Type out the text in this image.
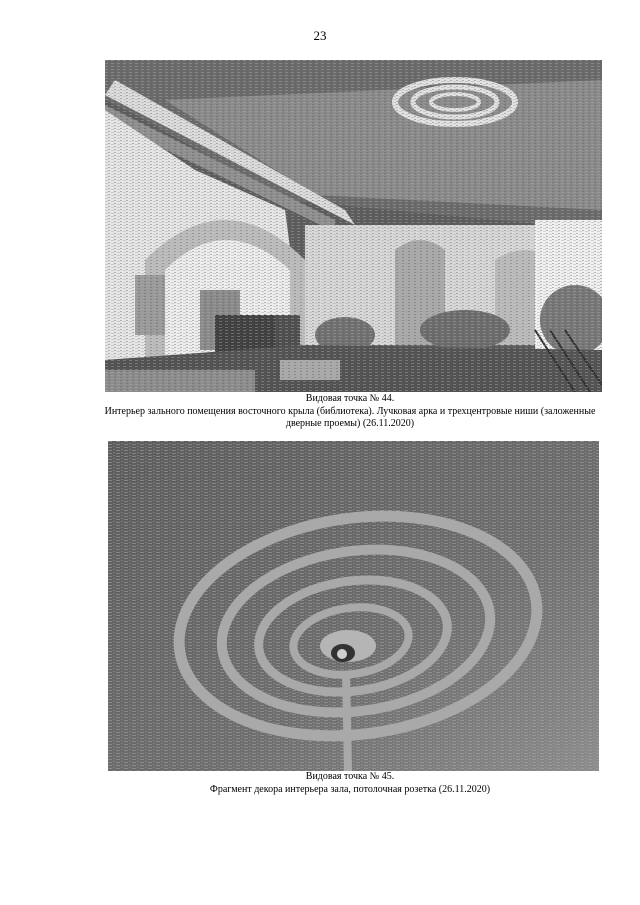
23
Видовая точка № 44.
Интерьер зального помещения восточного крыла (библиотека). Лучковая арка и трехцентровые ниши (заложенные
дверные проемы) (26.11.2020)
Видовая точка № 45.
Фрагмент декора интерьера зала, потолочная розетка (26.11.2020)
